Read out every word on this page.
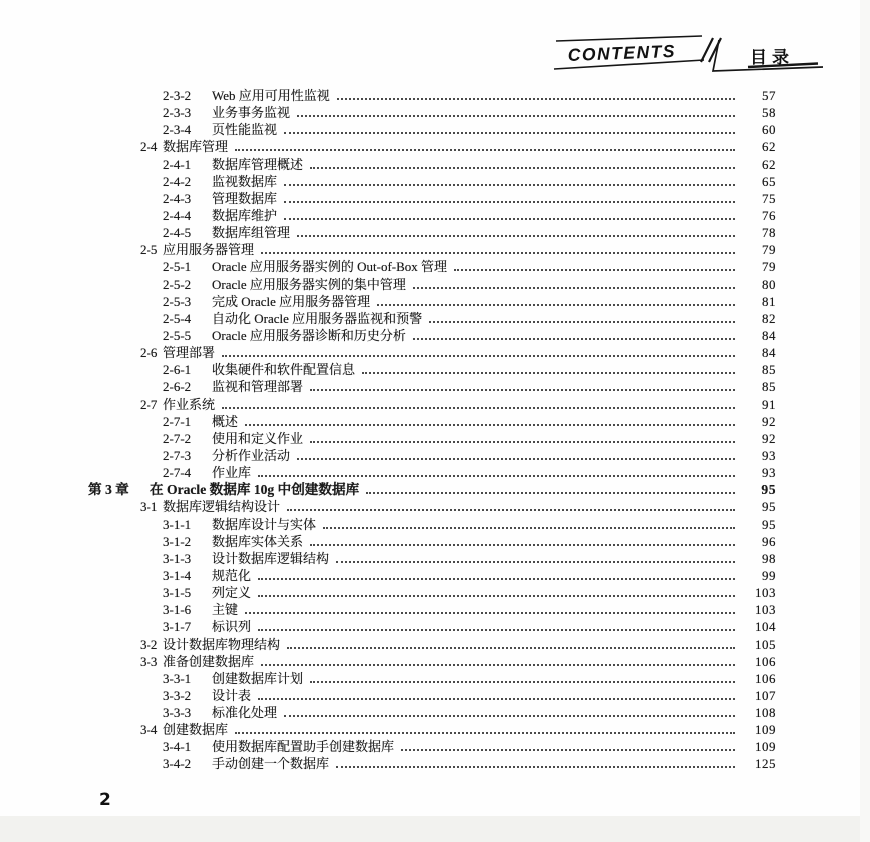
CONTENTS	目录
2-3-2	Web 应用可用性监视	57
2-3-3	业务事务监视	58
2-3-4	页性能监视	60
2-4 数据库管理	62
2-4-1	数据库管理概述	62
2-4-2	监视数据库	65
2-4-3	管理数据库	75
2-4-4	数据库维护	76
2-4-5	数据库组管理	78
2-5 应用服务器管理	79
2-5-1	Oracle 应用服务器实例的 Out-of-Box 管理	79
2-5-2	Oracle 应用服务器实例的集中管理	80
2-5-3	完成 Oracle 应用服务器管理	81
2-5-4	自动化 Oracle 应用服务器监视和预警	82
2-5-5	Oracle 应用服务器诊断和历史分析	84
2-6 管理部署	84
2-6-1	收集硬件和软件配置信息	85
2-6-2	监视和管理部署	85
2-7 作业系统	91
2-7-1	概述	92
2-7-2	使用和定义作业	92
2-7-3	分析作业活动	93
2-7-4	作业库	93
第 3 章	在 Oracle 数据库 10g 中创建数据库	95
3-1 数据库逻辑结构设计	95
3-1-1	数据库设计与实体	95
3-1-2	数据库实体关系	96
3-1-3	设计数据库逻辑结构	98
3-1-4	规范化	99
3-1-5	列定义	103
3-1-6	主键	103
3-1-7	标识列	104
3-2 设计数据库物理结构	105
3-3 准备创建数据库	106
3-3-1	创建数据库计划	106
3-3-2	设计表	107
3-3-3	标准化处理	108
3-4 创建数据库	109
3-4-1	使用数据库配置助手创建数据库	109
3-4-2	手动创建一个数据库	125
2
